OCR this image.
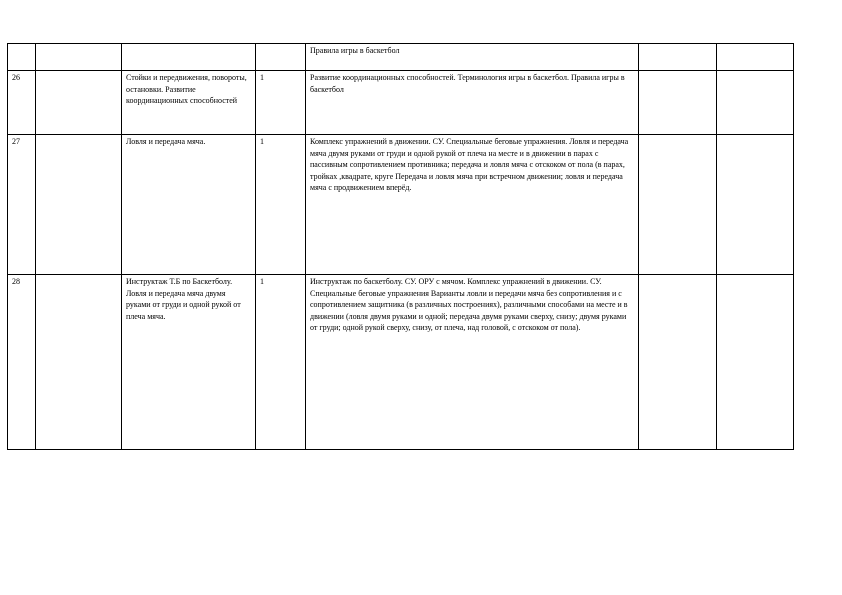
				Правила игры в баскетбол		
26		Стойки и передвижения, повороты, остановки. Развитие координационных способностей	1	Развитие координационных способностей. Терминология игры в баскетбол. Правила игры в баскетбол		
27		Ловля и передача мяча.	1	Комплекс упражнений в движении. СУ. Специальные беговые упражнения. Ловля и передача мяча двумя руками от груди и одной рукой от плеча на месте и в движении в парах с пассивным сопротивлением противника; передача и ловля мяча с отскоком от пола (в парах, тройках ,квадрате, круге Передача и ловля мяча при встречном движении; ловля и передача мяча с продвижением вперёд.		
28		Инструктаж Т.Б по Баскетболу. Ловля и передача мяча двумя руками от груди и одной рукой от плеча мяча.	1	Инструктаж по баскетболу. СУ. ОРУ с мячом. Комплекс упражнений в движении. СУ. Специальные беговые упражнения Варианты ловли и передачи мяча без сопротивления и с сопротивлением защитника (в различных построениях), различными способами на месте и в движении (ловля двумя руками и одной; передача двумя руками сверху, снизу; двумя руками от груди; одной рукой сверху, снизу, от плеча, над головой, с отскоком от пола).		
